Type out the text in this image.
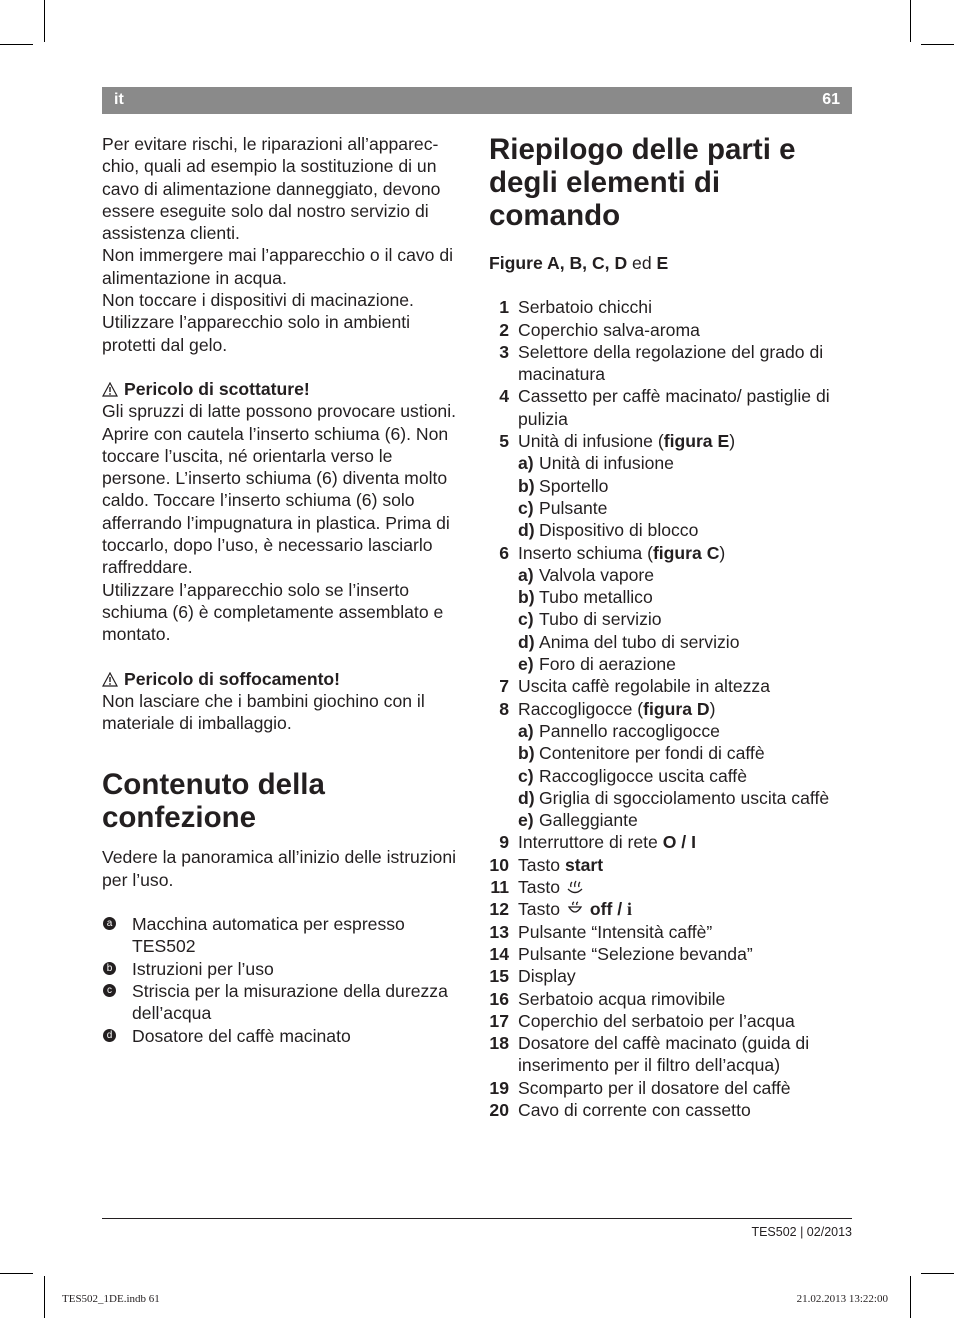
it	61

Per evitare rischi, le riparazioni all’apparec-chio, quali ad esempio la sostituzione di un cavo di alimentazione danneggiato, devono essere eseguite solo dal nostro servizio di assistenza clienti.

Non immergere mai l’apparecchio o il cavo di alimentazione in acqua.

Non toccare i dispositivi di macinazione.

Utilizzare l’apparecchio solo in ambienti protetti dal gelo.

Pericolo di scottature!

Gli spruzzi di latte possono provocare ustioni. Aprire con cautela l’inserto schiuma (6). Non toccare l’uscita, né orientarla verso le persone. L’inserto schiuma (6) diventa molto caldo. Toccare l’inserto schiuma (6) solo afferrando l’impugnatura in plastica. Prima di toccarlo, dopo l’uso, è necessario lasciarlo raffreddare.

Utilizzare l’apparecchio solo se l’inserto schiuma (6) è completamente assemblato e montato.

Pericolo di soffocamento!

Non lasciare che i bambini giochino con il materiale di imballaggio.

Contenuto della confezione

Vedere la panoramica all’inizio delle istruzioni per l’uso.

a Macchina automatica per espresso TES502
b Istruzioni per l’uso
c Striscia per la misurazione della durezza dell’acqua
d Dosatore del caffè macinato
Riepilogo delle parti e degli elementi di comando

Figure A, B, C, D ed E

1 Serbatoio chicchi
2 Coperchio salva-aroma
3 Selettore della regolazione del grado di macinatura
4 Cassetto per caffè macinato/ pastiglie di pulizia
5 Unità di infusione (figura E)
a) Unità di infusione
b) Sportello
c) Pulsante
d) Dispositivo di blocco
6 Inserto schiuma (figura C)
a) Valvola vapore
b) Tubo metallico
c) Tubo di servizio
d) Anima del tubo di servizio
e) Foro di aerazione
7 Uscita caffè regolabile in altezza
8 Raccogligocce (figura D)
a) Pannello raccogligocce
b) Contenitore per fondi di caffè
c) Raccogligocce uscita caffè
d) Griglia di sgocciolamento uscita caffè
e) Galleggiante
9 Interruttore di rete O / I
10 Tasto start
11 Tasto
12 Tasto  off / i
13 Pulsante “Intensità caffè”
14 Pulsante “Selezione bevanda”
15 Display
16 Serbatoio acqua rimovibile
17 Coperchio del serbatoio per l’acqua
18 Dosatore del caffè macinato (guida di inserimento per il filtro dell’acqua)
19 Scomparto per il dosatore del caffè
20 Cavo di corrente con cassetto
TES502 | 02/2013
TES502_1DE.indb 61	21.02.2013 13:22:00
